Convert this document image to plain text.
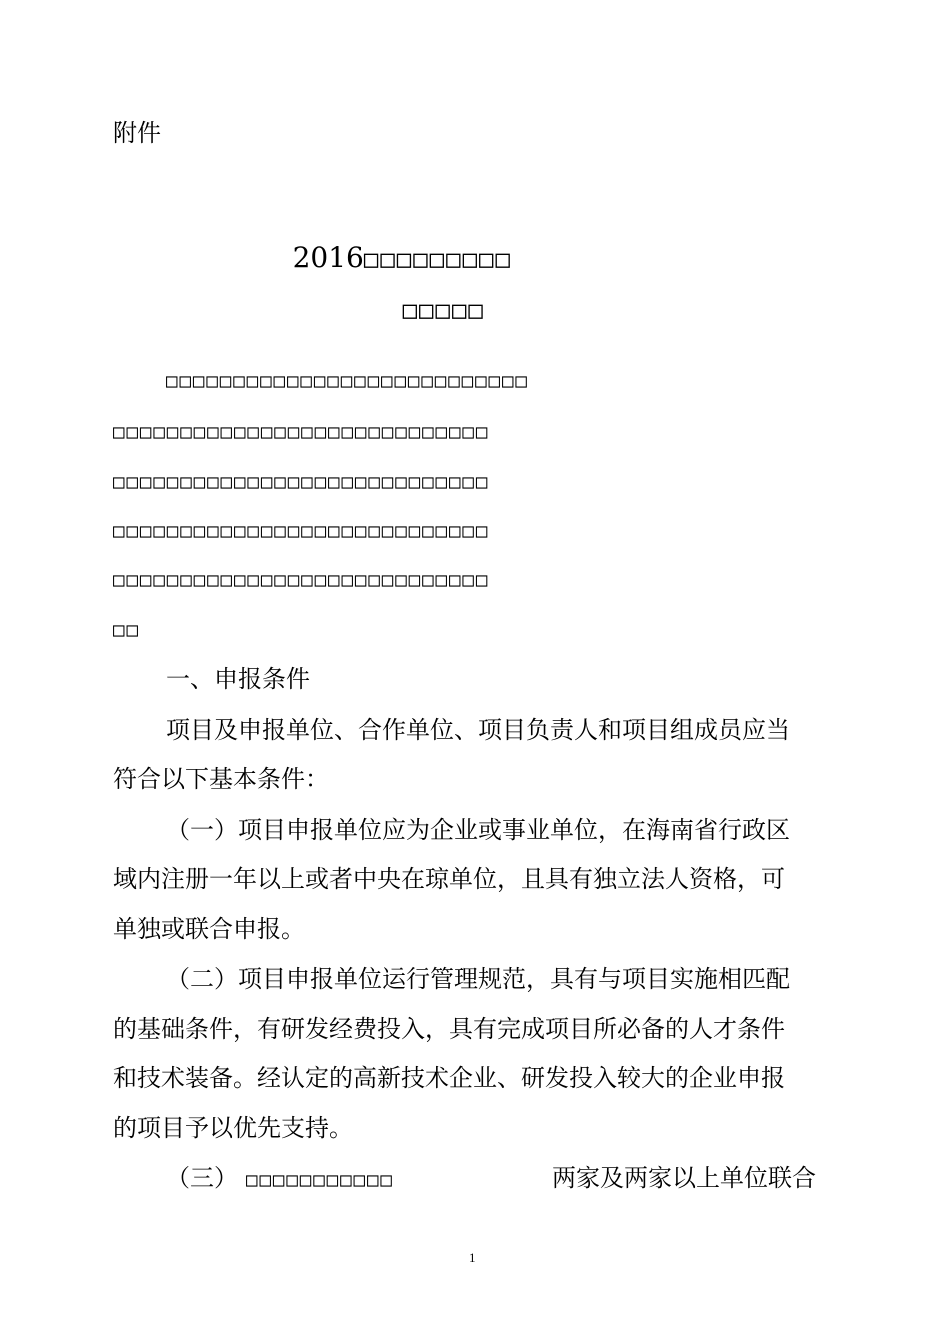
附件

2016□□□□□□□□□

□□□□□

□□□□□□□□□□□□□□□□□□□□□□□□□□□
□□□□□□□□□□□□□□□□□□□□□□□□□□□□
□□□□□□□□□□□□□□□□□□□□□□□□□□□□
□□□□□□□□□□□□□□□□□□□□□□□□□□□□
□□□□□□□□□□□□□□□□□□□□□□□□□□□□
□□
一、申报条件
项目及申报单位、合作单位、项目负责人和项目组成员应当
符合以下基本条件：
（一）项目申报单位应为企业或事业单位，在海南省行政区
域内注册一年以上或者中央在琼单位，且具有独立法人资格，可
单独或联合申报。
（二）项目申报单位运行管理规范，具有与项目实施相匹配
的基础条件，有研发经费投入，具有完成项目所必备的人才条件
和技术装备。经认定的高新技术企业、研发投入较大的企业申报
的项目予以优先支持。
（三） □□□□□□□□□□□	两家及两家以上单位联合
1
